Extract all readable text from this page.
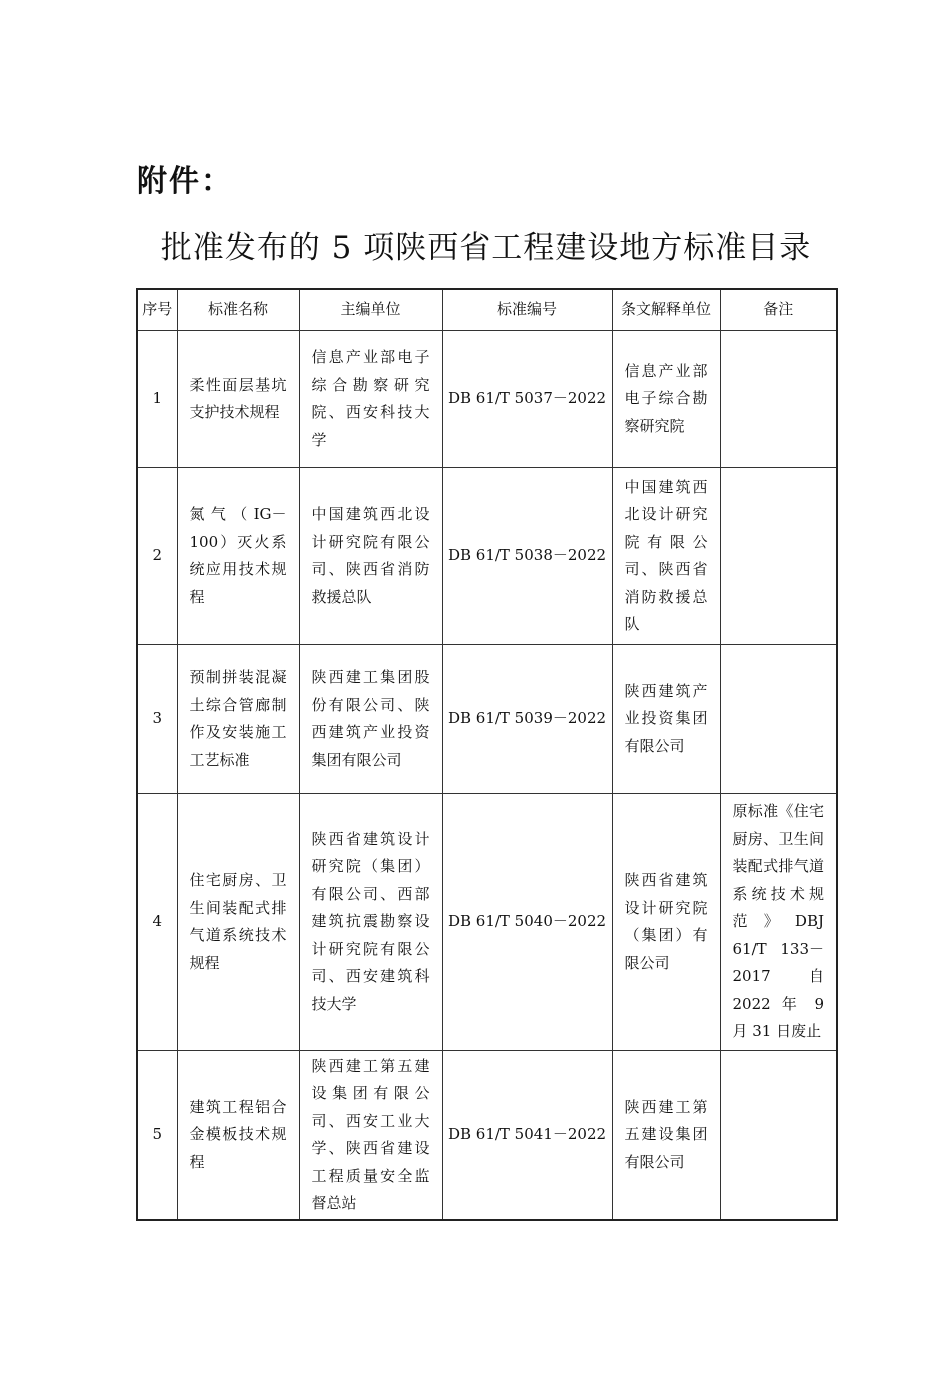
附件：
批准发布的 5 项陕西省工程建设地方标准目录
序号	标准名称	主编单位	标准编号	条文解释单位	备注
1	柔性面层基坑支护技术规程	信息产业部电子综合勘察研究院、西安科技大学	DB 61/T 5037－2022	信息产业部电子综合勘察研究院	
2	氮气（IG－100）灭火系统应用技术规程	中国建筑西北设计研究院有限公司、陕西省消防救援总队	DB 61/T 5038－2022	中国建筑西北设计研究院有限公司、陕西省消防救援总队	
3	预制拼装混凝土综合管廊制作及安装施工工艺标准	陕西建工集团股份有限公司、陕西建筑产业投资集团有限公司	DB 61/T 5039－2022	陕西建筑产业投资集团有限公司	
4	住宅厨房、卫生间装配式排气道系统技术规程	陕西省建筑设计研究院（集团）有限公司、西部建筑抗震勘察设计研究院有限公司、西安建筑科技大学	DB 61/T 5040－2022	陕西省建筑设计研究院（集团）有限公司	原标准《住宅厨房、卫生间装配式排气道系统技术规范》DBJ 61/T 133－2017 自 2022 年 9 月 31 日废止
5	建筑工程铝合金模板技术规程	陕西建工第五建设集团有限公司、西安工业大学、陕西省建设工程质量安全监督总站	DB 61/T 5041－2022	陕西建工第五建设集团有限公司	
